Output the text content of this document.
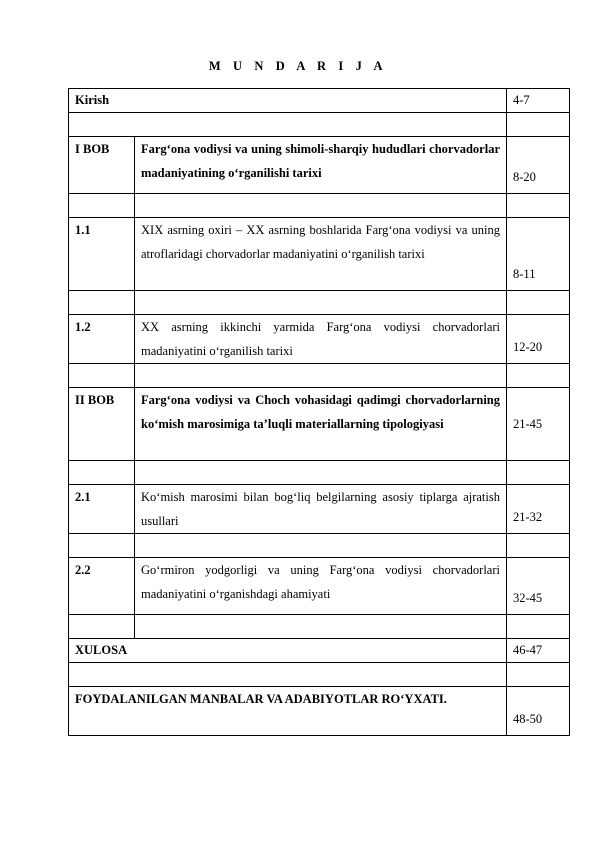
M U N D A R I J A
Kirish		4-7

I BOB	Farg‘ona vodiysi va uning shimoli-sharqiy hududlari chorvadorlar madaniyatining o‘rganilishi tarixi	8-20

1.1	XIX asrning oxiri – XX asrning boshlarida Farg‘ona vodiysi va uning atroflaridagi chorvadorlar madaniyatini o‘rganilish tarixi	8-11

1.2	XX asrning ikkinchi yarmida Farg‘ona vodiysi chorvadorlari madaniyatini o‘rganilish tarixi	12-20

II BOB	Farg‘ona vodiysi va Choch vohasidagi qadimgi chorvadorlarning ko‘mish marosimiga ta’luqli materiallarning tipologiyasi	21-45

2.1	Ko‘mish marosimi bilan bog‘liq belgilarning asosiy tiplarga ajratish usullari	21-32

2.2	Go‘rmiron yodgorligi va uning Farg‘ona vodiysi chorvadorlari madaniyatini o‘rganishdagi ahamiyati	32-45

XULOSA		46-47

FOYDALANILGAN MANBALAR VA ADABIYOTLAR RO‘YXATI.		48-50
